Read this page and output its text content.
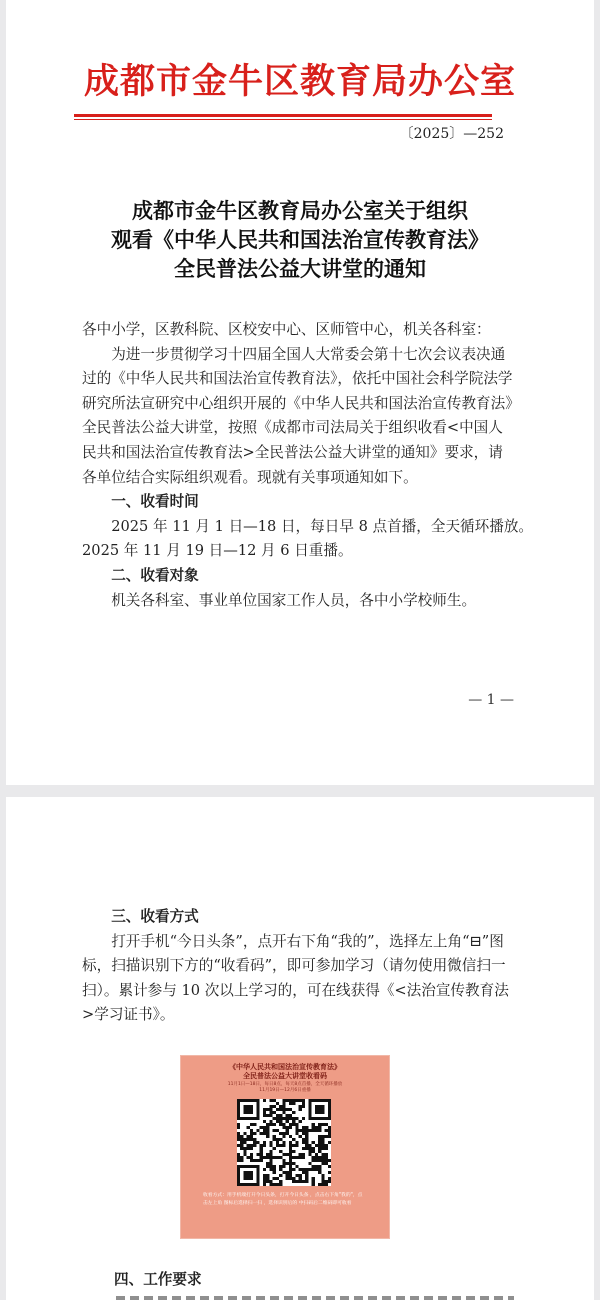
成都市金牛区教育局办公室
〔2025〕—252
成都市金牛区教育局办公室关于组织
观看《中华人民共和国法治宣传教育法》
全民普法公益大讲堂的通知

各中小学，区教科院、区校安中心、区师管中心，机关各科室：

为进一步贯彻学习十四届全国人大常委会第十七次会议表决通过的《中华人民共和国法治宣传教育法》，依托中国社会科学院法学研究所法宣研究中心组织开展的《中华人民共和国法治宣传教育法》全民普法公益大讲堂，按照《成都市司法局关于组织收看<中国人民共和国法治宣传教育法>全民普法公益大讲堂的通知》要求，请各单位结合实际组织观看。现就有关事项通知如下。

一、收看时间

2025 年 11 月 1 日—18 日，每日早 8 点首播，全天循环播放。

2025 年 11 月 19 日—12 月 6 日重播。

二、收看对象

机关各科室、事业单位国家工作人员，各中小学校师生。

— 1 —

三、收看方式

打开手机“今日头条”，点开右下角“我的”，选择左上角“⊟”图标，扫描识别下方的“收看码”，即可参加学习（请勿使用微信扫一扫）。累计参与 10 次以上学习的，可在线获得《<法治宣传教育法>学习证书》。

《中华人民共和国法治宣传教育法》
全民普法公益大讲堂收看码
11月1日—18日，每日8点，每天8点首播，全天循环播放
11月19日—12月6日重播
收看方式：用手机端打开今日头条，打开今日头条 ，点击右下角"我的"，点击左上角 图标后选择扫一扫 ，选择识别后的 中扫码后二维码即可收看
四、工作要求
